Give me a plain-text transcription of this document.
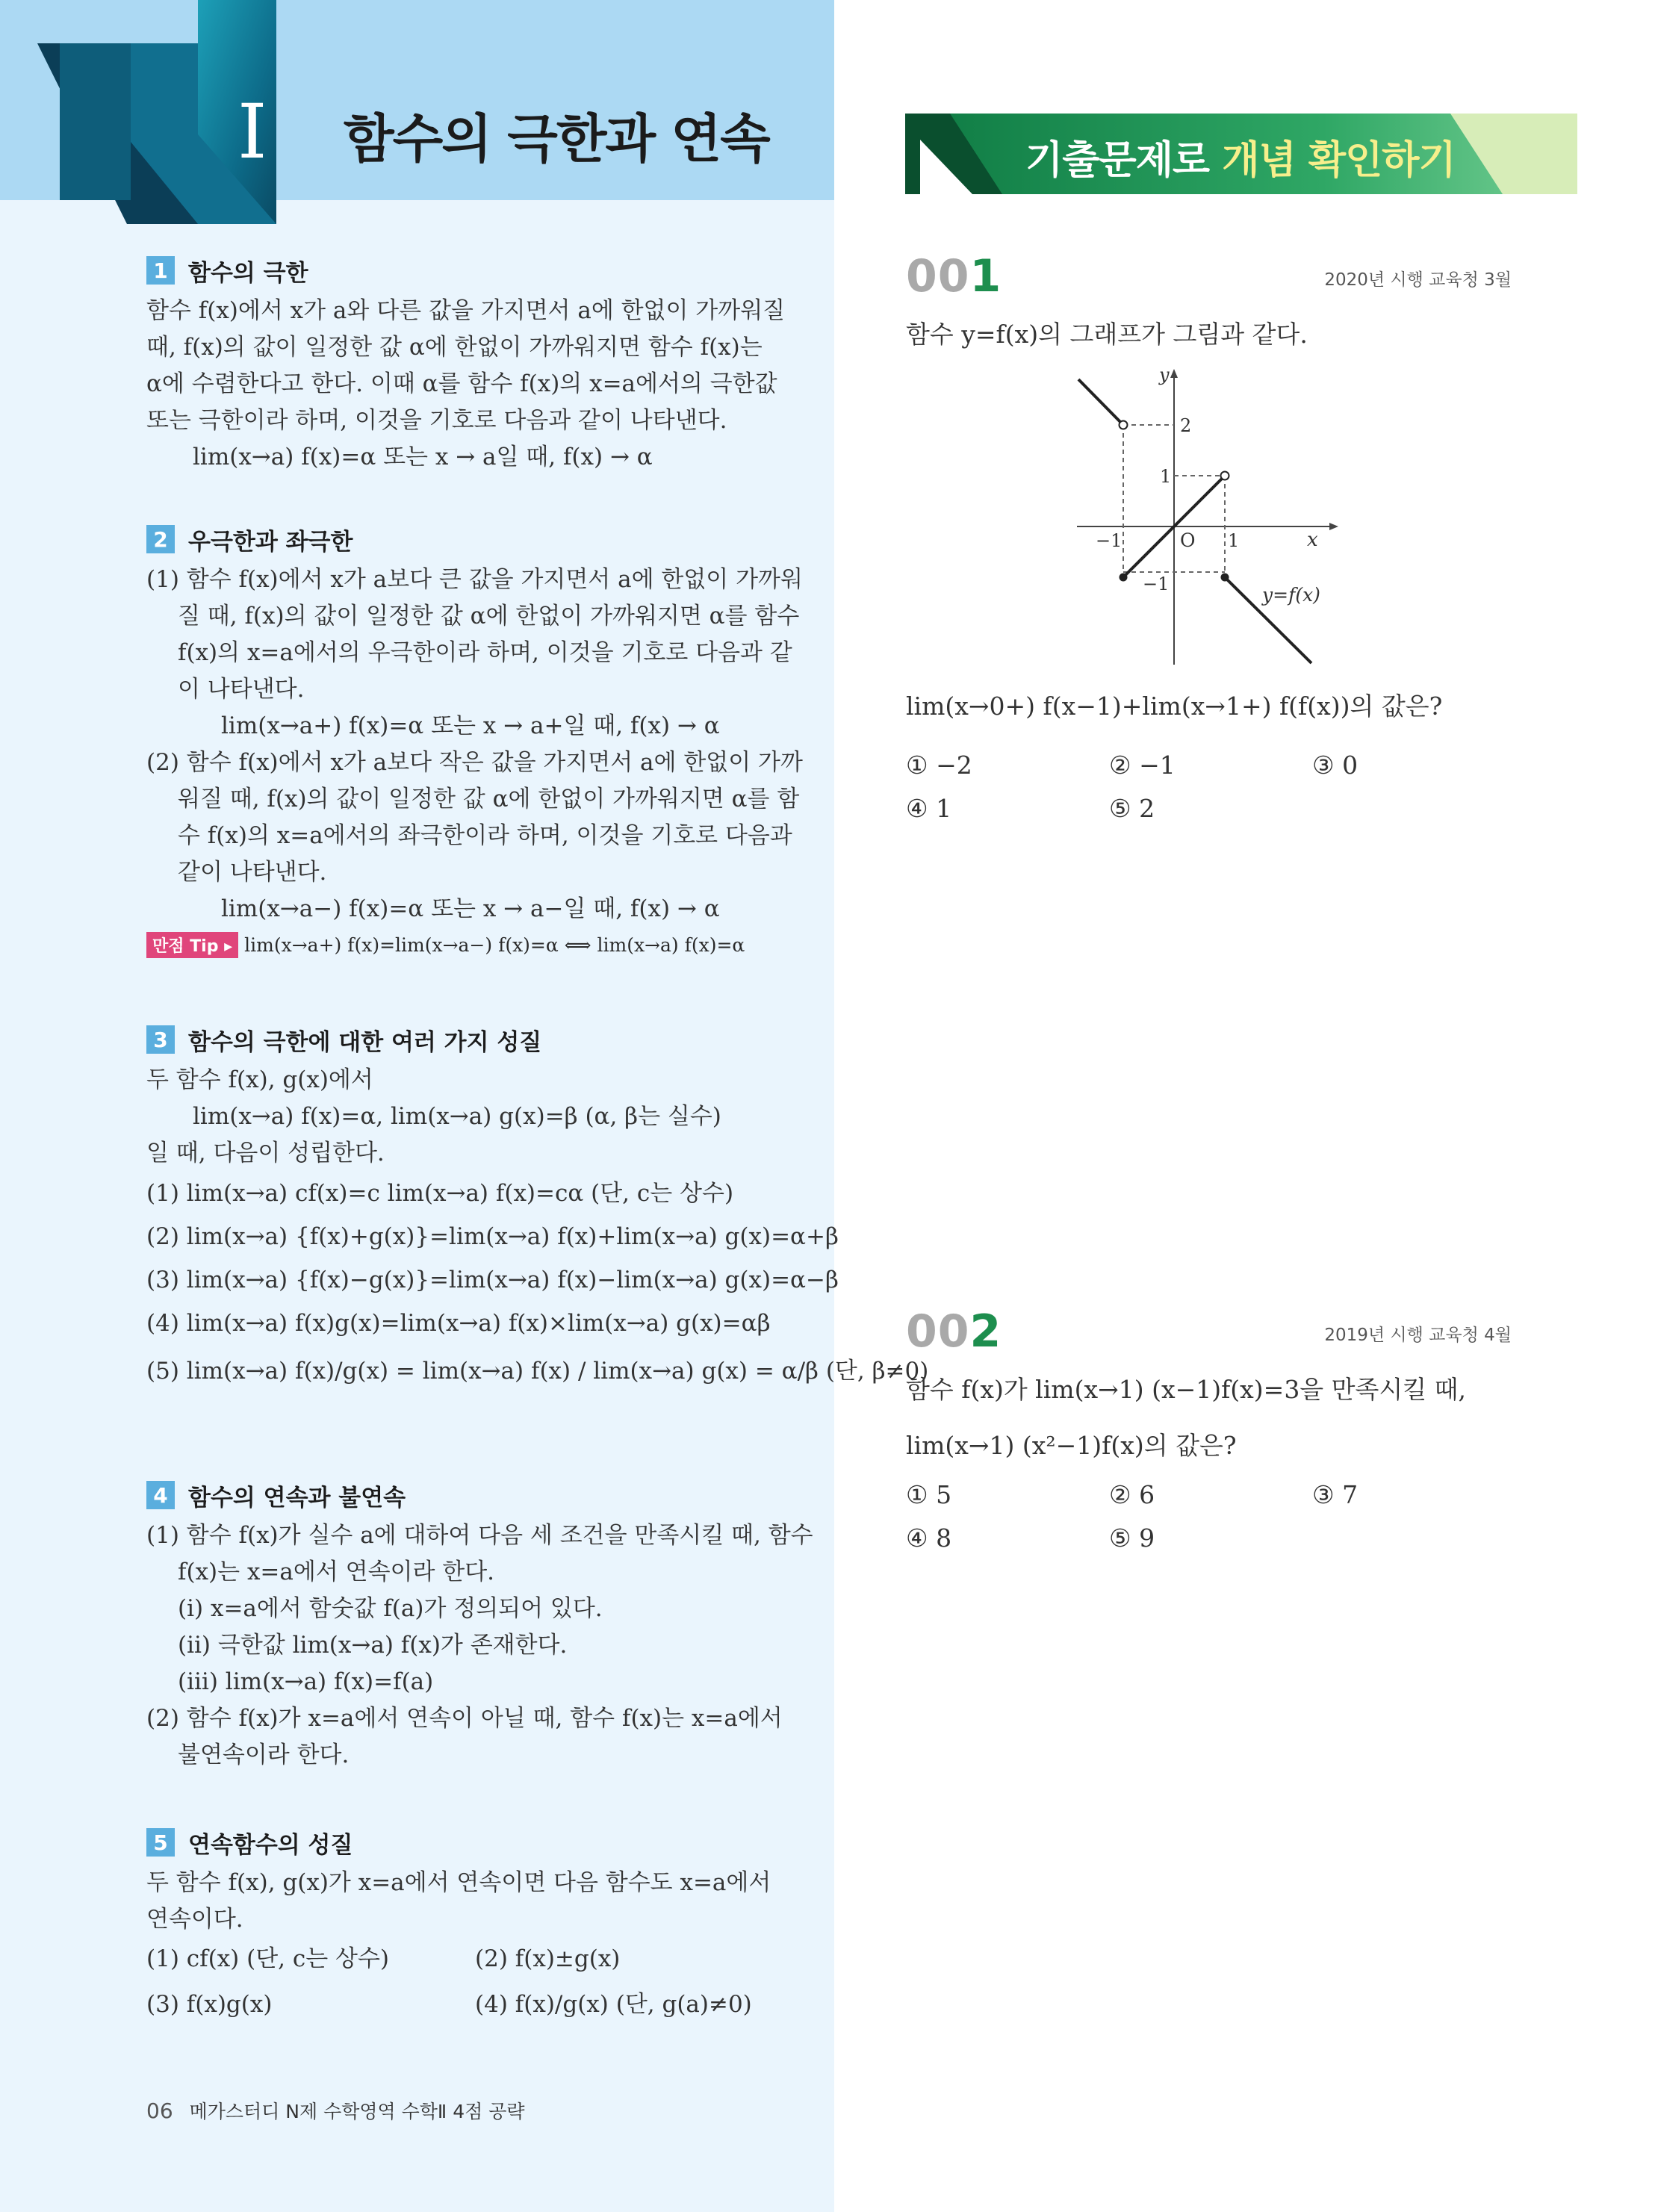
I 함수의 극한과 연속
1 함수의 극한
함수 f(x)에서 x가 a와 다른 값을 가지면서 a에 한없이 가까워질
때, f(x)의 값이 일정한 값 α에 한없이 가까워지면 함수 f(x)는
α에 수렴한다고 한다. 이때 α를 함수 f(x)의 x=a에서의 극한값
또는 극한이라 하며, 이것을 기호로 다음과 같이 나타낸다.
lim(x→a) f(x)=α 또는 x → a일 때, f(x) → α
2 우극한과 좌극한
(1) 함수 f(x)에서 x가 a보다 큰 값을 가지면서 a에 한없이 가까워
질 때, f(x)의 값이 일정한 값 α에 한없이 가까워지면 α를 함수
f(x)의 x=a에서의 우극한이라 하며, 이것을 기호로 다음과 같
이 나타낸다.
lim(x→a+) f(x)=α 또는 x → a+일 때, f(x) → α
(2) 함수 f(x)에서 x가 a보다 작은 값을 가지면서 a에 한없이 가까
워질 때, f(x)의 값이 일정한 값 α에 한없이 가까워지면 α를 함
수 f(x)의 x=a에서의 좌극한이라 하며, 이것을 기호로 다음과
같이 나타낸다.
lim(x→a−) f(x)=α 또는 x → a−일 때, f(x) → α
만점 Tip ▸ lim(x→a+) f(x)=lim(x→a−) f(x)=α ⟺ lim(x→a) f(x)=α
3 함수의 극한에 대한 여러 가지 성질
두 함수 f(x), g(x)에서
lim(x→a) f(x)=α, lim(x→a) g(x)=β (α, β는 실수)
일 때, 다음이 성립한다.
(1) lim(x→a) cf(x)=c lim(x→a) f(x)=cα (단, c는 상수)
(2) lim(x→a) {f(x)+g(x)}=lim(x→a) f(x)+lim(x→a) g(x)=α+β
(3) lim(x→a) {f(x)−g(x)}=lim(x→a) f(x)−lim(x→a) g(x)=α−β
(4) lim(x→a) f(x)g(x)=lim(x→a) f(x)×lim(x→a) g(x)=αβ
(5) lim(x→a) f(x)/g(x) = lim(x→a) f(x) / lim(x→a) g(x) = α/β (단, β≠0)
4 함수의 연속과 불연속
(1) 함수 f(x)가 실수 a에 대하여 다음 세 조건을 만족시킬 때, 함수
f(x)는 x=a에서 연속이라 한다.
(ⅰ) x=a에서 함숫값 f(a)가 정의되어 있다.
(ⅱ) 극한값 lim(x→a) f(x)가 존재한다.
(ⅲ) lim(x→a) f(x)=f(a)
(2) 함수 f(x)가 x=a에서 연속이 아닐 때, 함수 f(x)는 x=a에서
불연속이라 한다.
5 연속함수의 성질
두 함수 f(x), g(x)가 x=a에서 연속이면 다음 함수도 x=a에서
연속이다.
(1) cf(x) (단, c는 상수)	(2) f(x)±g(x)
(3) f(x)g(x)	(4) f(x)/g(x) (단, g(a)≠0)
06 메가스터디 N제 수학영역 수학Ⅱ 4점 공략
기출문제로 개념 확인하기
001	2020년 시행 교육청 3월
함수 y=f(x)의 그래프가 그림과 같다.
y
x
O
2
1
−1
1
−1
y=f(x)
lim(x→0+) f(x−1)+lim(x→1+) f(f(x))의 값은?
① −2	② −1	③ 0
④ 1	⑤ 2
002	2019년 시행 교육청 4월
함수 f(x)가 lim(x→1) (x−1)f(x)=3을 만족시킬 때,
lim(x→1) (x²−1)f(x)의 값은?
① 5	② 6	③ 7
④ 8	⑤ 9
